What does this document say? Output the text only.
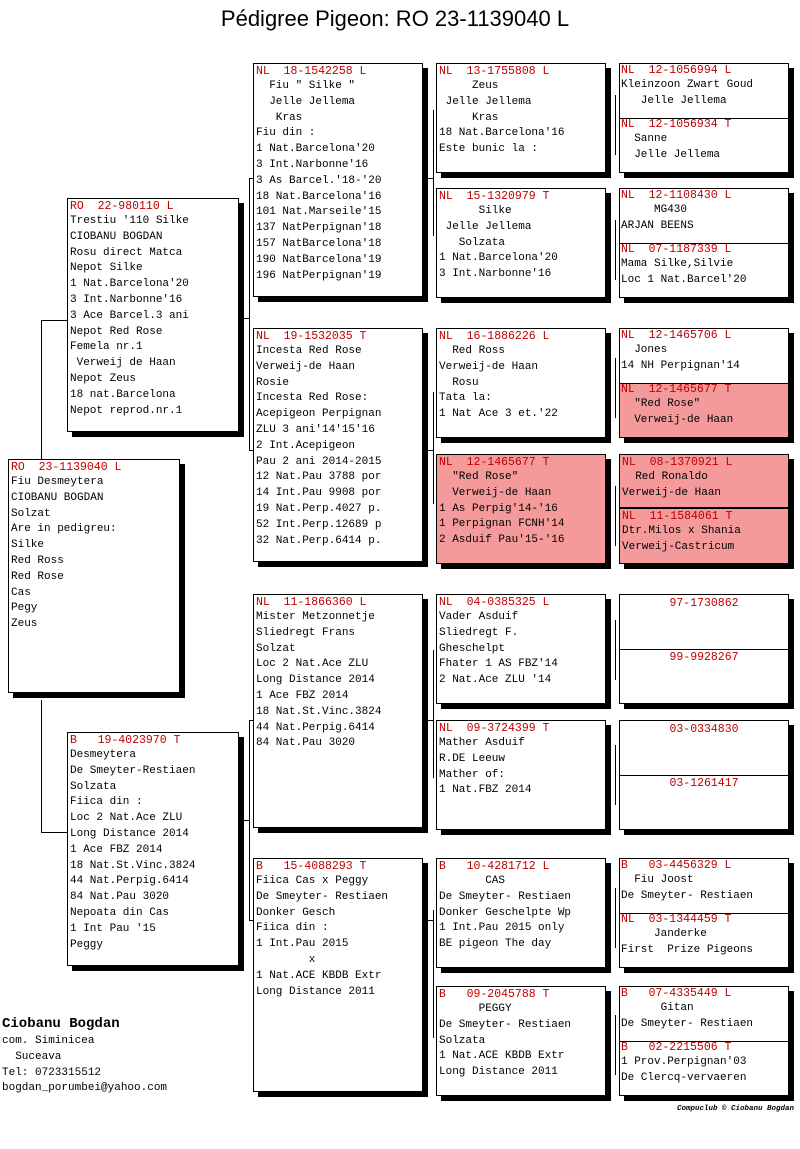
Pédigree Pigeon: RO 23-1139040 L
RO  23-1139040 L
Fiu Desmeytera
CIOBANU BOGDAN
Solzat
Are in pedigreu:
Silke
Red Ross
Red Rose
Cas
Pegy
Zeus
RO  22-980110 L
Trestiu '110 Silke
CIOBANU BOGDAN
Rosu direct Matca
Nepot Silke
1 Nat.Barcelona'20
3 Int.Narbonne'16
3 Ace Barcel.3 ani
Nepot Red Rose
Femela nr.1
Verweij de Haan
Nepot Zeus
18 nat.Barcelona
Nepot reprod.nr.1
B   19-4023970 T
Desmeytera
De Smeyter-Restiaen
Solzata
Fiica din :
Loc 2 Nat.Ace ZLU
Long Distance 2014
1 Ace FBZ 2014
18 Nat.St.Vinc.3824
44 Nat.Perpig.6414
84 Nat.Pau 3020
Nepoata din Cas
1 Int Pau '15
Peggy
NL  18-1542258 L
Fiu " Silke "
Jelle Jellema
Kras
Fiu din :
1 Nat.Barcelona'20
3 Int.Narbonne'16
3 As Barcel.'18-'20
18 Nat.Barcelona'16
101 Nat.Marseile'15
137 NatPerpignan'18
157 NatBarcelona'18
190 NatBarcelona'19
196 NatPerpignan'19
NL  19-1532035 T
Incesta Red Rose
Verweij-de Haan
Rosie
Incesta Red Rose:
Acepigeon Perpignan
ZLU 3 ani'14'15'16
2 Int.Acepigeon
Pau 2 ani 2014-2015
12 Nat.Pau 3788 por
14 Int.Pau 9908 por
19 Nat.Perp.4027 p.
52 Int.Perp.12689 p
32 Nat.Perp.6414 p.
NL  11-1866360 L
Mister Metzonnetje
Sliedregt Frans
Solzat
Loc 2 Nat.Ace ZLU
Long Distance 2014
1 Ace FBZ 2014
18 Nat.St.Vinc.3824
44 Nat.Perpig.6414
84 Nat.Pau 3020
B   15-4088293 T
Fiica Cas x Peggy
De Smeyter- Restiaen
Donker Gesch
Fiica din :
1 Int.Pau 2015
x
1 Nat.ACE KBDB Extr
Long Distance 2011
NL  13-1755808 L
Zeus
Jelle Jellema
Kras
18 Nat.Barcelona'16
Este bunic la :
NL  15-1320979 T
Silke
Jelle Jellema
Solzata
1 Nat.Barcelona'20
3 Int.Narbonne'16
NL  16-1886226 L
Red Ross
Verweij-de Haan
Rosu
Tata la:
1 Nat Ace 3 et.'22
NL  12-1465677 T
"Red Rose"
Verweij-de Haan
1 As Perpig'14-'16
1 Perpignan FCNH'14
2 Asduif Pau'15-'16
NL  04-0385325 L
Vader Asduif
Sliedregt F.
Gheschelpt
Fhater 1 AS FBZ'14
2 Nat.Ace ZLU '14
NL  09-3724399 T
Mather Asduif
R.DE Leeuw
Mather of:
1 Nat.FBZ 2014
B   10-4281712 L
CAS
De Smeyter- Restiaen
Donker Geschelpte Wp
1 Int.Pau 2015 only
BE pigeon The day
B   09-2045788 T
PEGGY
De Smeyter- Restiaen
Solzata
1 Nat.ACE KBDB Extr
Long Distance 2011
NL  12-1056994 L
Kleinzoon Zwart Goud
Jelle Jellema
NL  12-1056934 T
Sanne
Jelle Jellema
NL  12-1108430 L
MG430
ARJAN BEENS
NL  07-1187339 L
Mama Silke,Silvie
Loc 1 Nat.Barcel'20
NL  12-1465706 L
Jones
14 NH Perpignan'14
NL  12-1465677 T
"Red Rose"
Verweij-de Haan
NL  08-1370921 L
Red Ronaldo
Verweij-de Haan
NL  11-1584061 T
Dtr.Milos x Shania
Verweij-Castricum
97-1730862
99-9928267
03-0334830
03-1261417
B   03-4456329 L
Fiu Joost
De Smeyter- Restiaen
NL  03-1344459 T
Janderke
First  Prize Pigeons
B   07-4335449 L
Gitan
De Smeyter- Restiaen
B   02-2215506 T
1 Prov.Perpignan'03
De Clercq-vervaeren
Ciobanu Bogdan
com. Siminicea
Suceava
Tel: 0723315512
bogdan_porumbei@yahoo.com
Compuclub © Ciobanu Bogdan
